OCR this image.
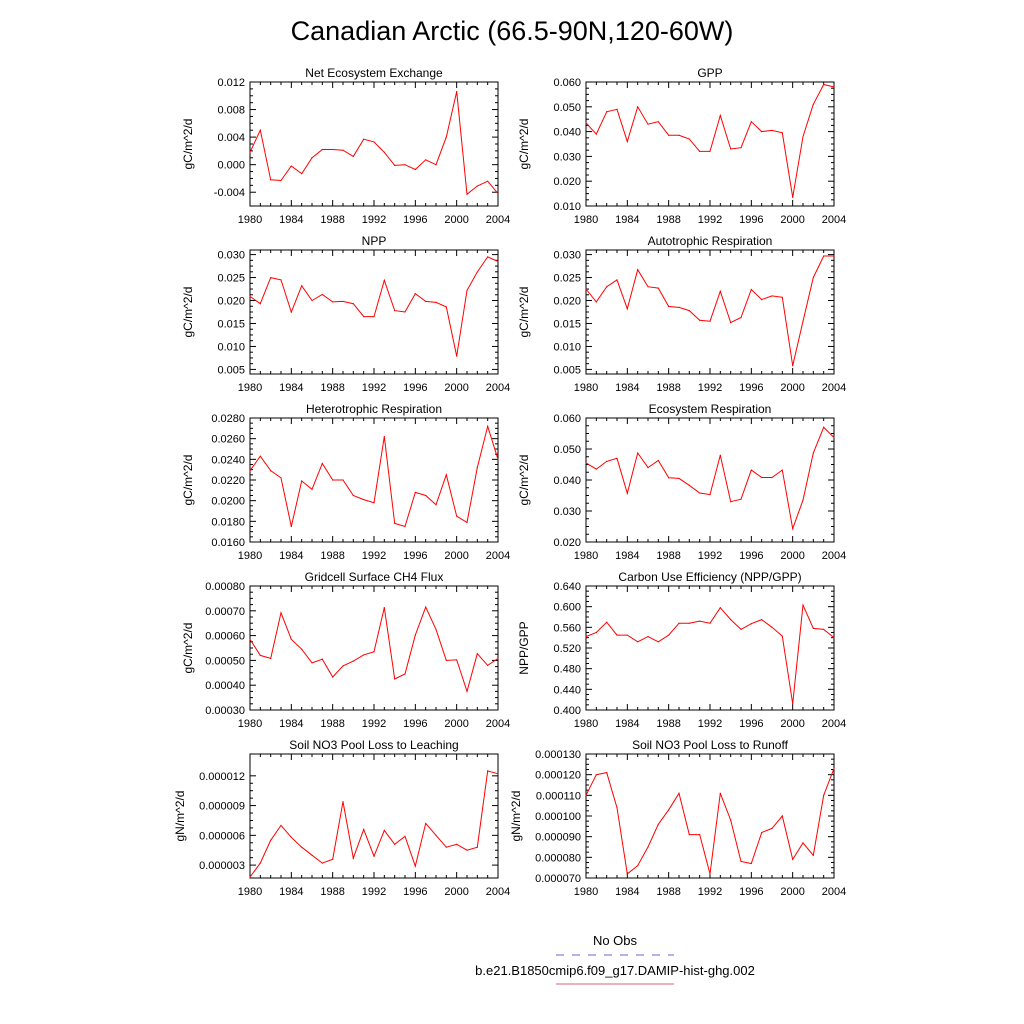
Canadian Arctic (66.5-90N,120-60W)
Net Ecosystem Exchange
1980 1984 1988 1992 1996 2000 2004
-0.004
0.000
0.004
0.008
0.012
gC/m^2/d
GPP
1980 1984 1988 1992 1996 2000 2004
0.010
0.020
0.030
0.040
0.050
0.060
gC/m^2/d
NPP
1980 1984 1988 1992 1996 2000 2004
0.005
0.010
0.015
0.020
0.025
0.030
gC/m^2/d
Autotrophic Respiration
1980 1984 1988 1992 1996 2000 2004
0.005
0.010
0.015
0.020
0.025
0.030
gC/m^2/d
Heterotrophic Respiration
1980 1984 1988 1992 1996 2000 2004
0.0160
0.0180
0.0200
0.0220
0.0240
0.0260
0.0280
gC/m^2/d
Ecosystem Respiration
1980 1984 1988 1992 1996 2000 2004
0.020
0.030
0.040
0.050
0.060
gC/m^2/d
Gridcell Surface CH4 Flux
1980 1984 1988 1992 1996 2000 2004
0.00030
0.00040
0.00050
0.00060
0.00070
0.00080
gC/m^2/d
Carbon Use Efficiency (NPP/GPP)
1980 1984 1988 1992 1996 2000 2004
0.400
0.440
0.480
0.520
0.560
0.600
0.640
NPP/GPP
Soil NO3 Pool Loss to Leaching
1980 1984 1988 1992 1996 2000 2004
0.000003
0.000006
0.000009
0.000012
gN/m^2/d
Soil NO3 Pool Loss to Runoff
1980 1984 1988 1992 1996 2000 2004
0.000070
0.000080
0.000090
0.000100
0.000110
0.000120
0.000130
gN/m^2/d
No Obs
b.e21.B1850cmip6.f09_g17.DAMIP-hist-ghg.002
